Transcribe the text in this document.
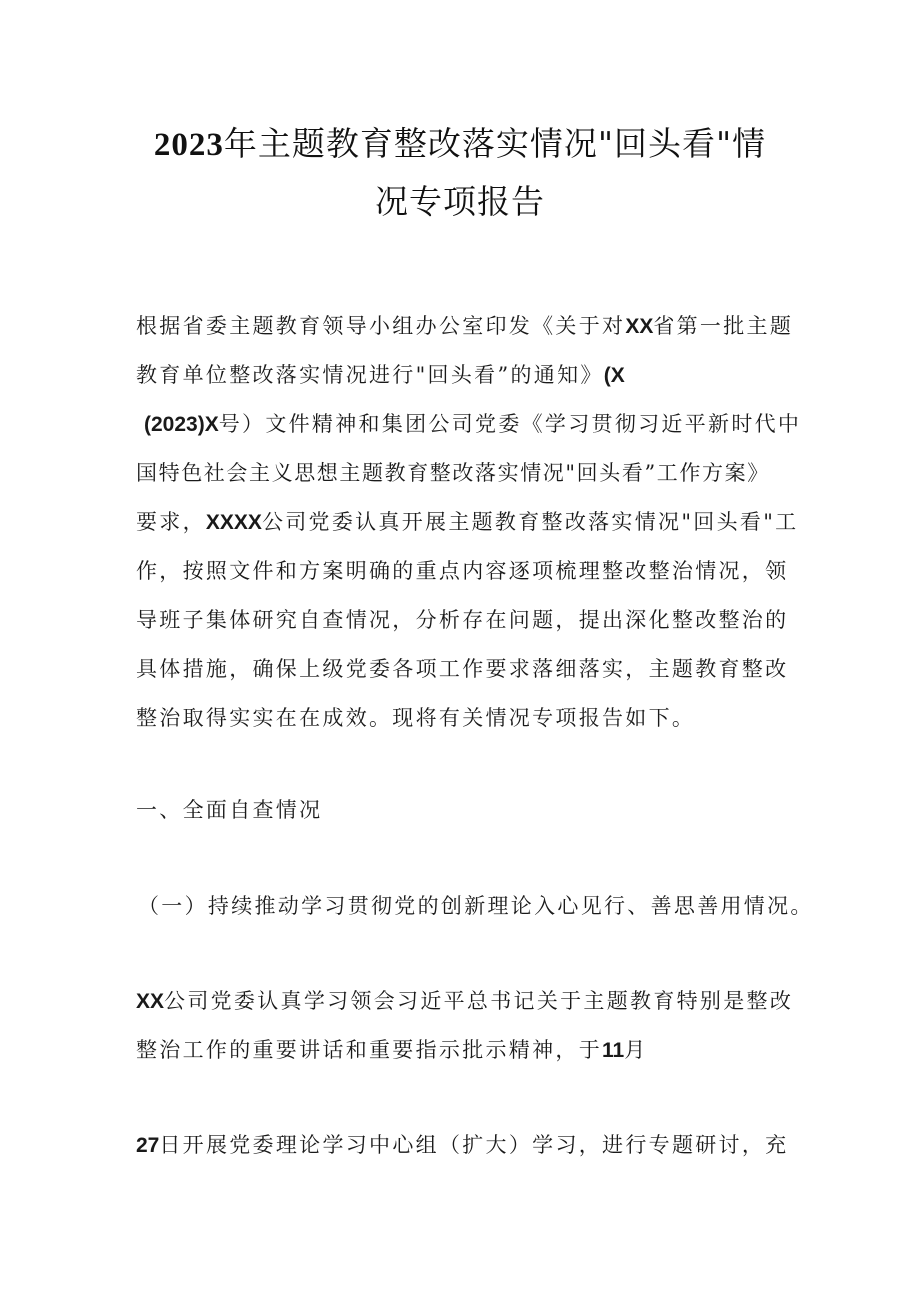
2023年主题教育整改落实情况"回头看"情
况专项报告

根据省委主题教育领导小组办公室印发《关于对XX省第一批主题

教育单位整改落实情况进行"回头看”的通知》(X

(2023)X号）文件精神和集团公司党委《学习贯彻习近平新时代中

国特色社会主义思想主题教育整改落实情况"回头看”工作方案》

要求，XXXX公司党委认真开展主题教育整改落实情况"回头看"工

作，按照文件和方案明确的重点内容逐项梳理整改整治情况，领

导班子集体研究自查情况，分析存在问题，提出深化整改整治的

具体措施，确保上级党委各项工作要求落细落实，主题教育整改

整治取得实实在在成效。现将有关情况专项报告如下。

一、全面自查情况

（一）持续推动学习贯彻党的创新理论入心见行、善思善用情况。

XX公司党委认真学习领会习近平总书记关于主题教育特别是整改

整治工作的重要讲话和重要指示批示精神，于11月

27日开展党委理论学习中心组（扩大）学习，进行专题研讨，充
